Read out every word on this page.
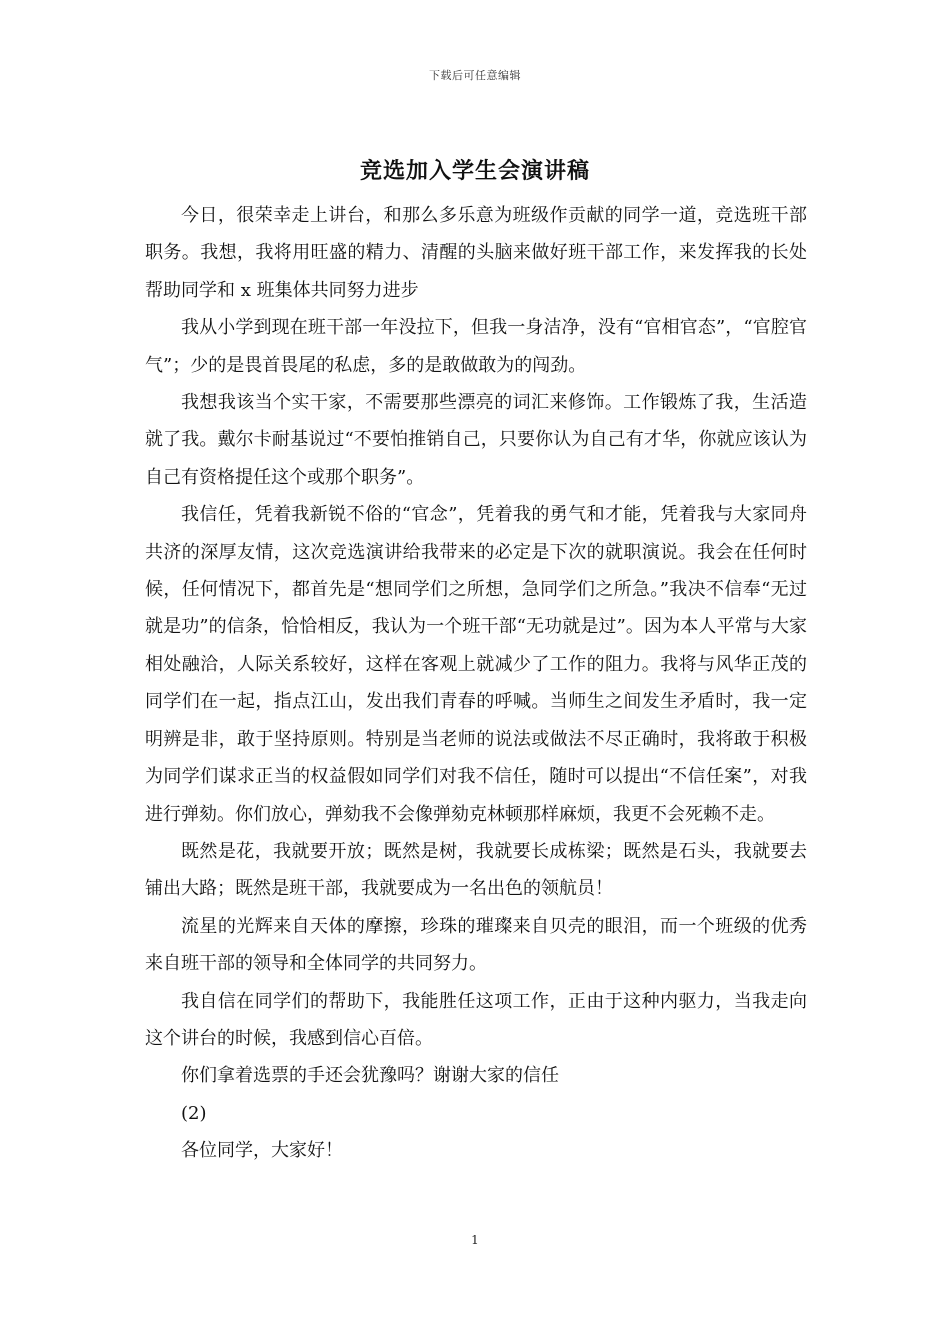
下载后可任意编辑
竞选加入学生会演讲稿

今日，很荣幸走上讲台，和那么多乐意为班级作贡献的同学一道，竞选班干部职务。我想，我将用旺盛的精力、清醒的头脑来做好班干部工作，来发挥我的长处帮助同学和 x 班集体共同努力进步

我从小学到现在班干部一年没拉下，但我一身洁净，没有“官相官态”，“官腔官气”；少的是畏首畏尾的私虑，多的是敢做敢为的闯劲。

我想我该当个实干家，不需要那些漂亮的词汇来修饰。工作锻炼了我，生活造就了我。戴尔卡耐基说过“不要怕推销自己，只要你认为自己有才华，你就应该认为自己有资格提任这个或那个职务”。

我信任，凭着我新锐不俗的“官念”，凭着我的勇气和才能，凭着我与大家同舟共济的深厚友情，这次竞选演讲给我带来的必定是下次的就职演说。我会在任何时候，任何情况下，都首先是“想同学们之所想，急同学们之所急。”我决不信奉“无过就是功”的信条，恰恰相反，我认为一个班干部“无功就是过”。因为本人平常与大家相处融洽，人际关系较好，这样在客观上就减少了工作的阻力。我将与风华正茂的同学们在一起，指点江山，发出我们青春的呼喊。当师生之间发生矛盾时，我一定明辨是非，敢于坚持原则。特别是当老师的说法或做法不尽正确时，我将敢于积极为同学们谋求正当的权益假如同学们对我不信任，随时可以提出“不信任案”，对我进行弹劾。你们放心，弹劾我不会像弹劾克林顿那样麻烦，我更不会死赖不走。

既然是花，我就要开放；既然是树，我就要长成栋梁；既然是石头，我就要去铺出大路；既然是班干部，我就要成为一名出色的领航员！

流星的光辉来自天体的摩擦，珍珠的璀璨来自贝壳的眼泪，而一个班级的优秀来自班干部的领导和全体同学的共同努力。

我自信在同学们的帮助下，我能胜任这项工作，正由于这种内驱力，当我走向这个讲台的时候，我感到信心百倍。

你们拿着选票的手还会犹豫吗？谢谢大家的信任

(2)

各位同学，大家好！

1
